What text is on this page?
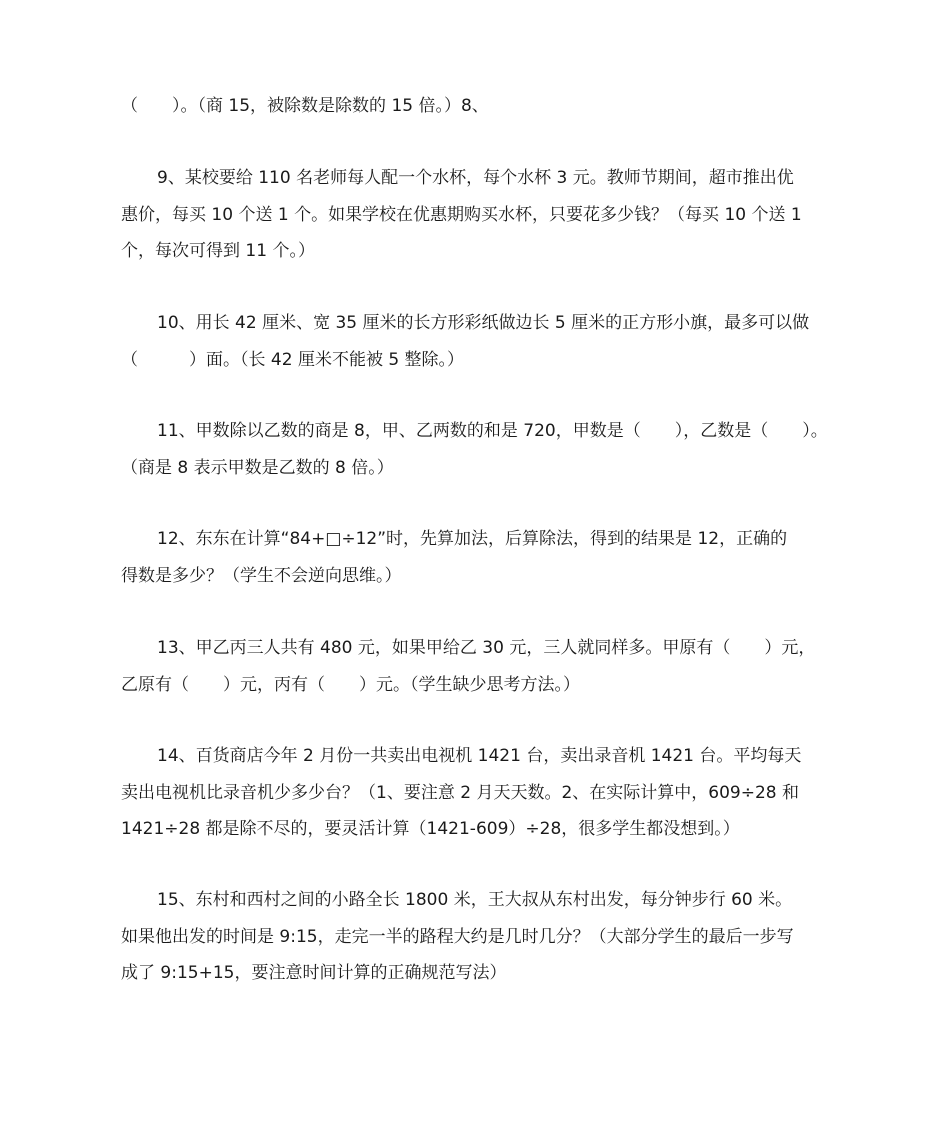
（　　）。（商 15，被除数是除数的 15 倍。）8、
9、某校要给 110 名老师每人配一个水杯，每个水杯 3 元。教师节期间，超市推出优
惠价，每买 10 个送 1 个。如果学校在优惠期购买水杯，只要花多少钱？（每买 10 个送 1
个，每次可得到 11 个。）
10、用长 42 厘米、宽 35 厘米的长方形彩纸做边长 5 厘米的正方形小旗，最多可以做
（　　　）面。（长 42 厘米不能被 5 整除。）
11、甲数除以乙数的商是 8，甲、乙两数的和是 720，甲数是（　　），乙数是（　　）。
（商是 8 表示甲数是乙数的 8 倍。）
12、东东在计算“84+□÷12”时，先算加法，后算除法，得到的结果是 12，正确的
得数是多少？（学生不会逆向思维。）
13、甲乙丙三人共有 480 元，如果甲给乙 30 元，三人就同样多。甲原有（　　）元，
乙原有（　　）元，丙有（　　）元。（学生缺少思考方法。）
14、百货商店今年 2 月份一共卖出电视机 1421 台，卖出录音机 1421 台。平均每天
卖出电视机比录音机少多少台？（1、要注意 2 月天天数。2、在实际计算中，609÷28 和
1421÷28 都是除不尽的，要灵活计算（1421-609）÷28，很多学生都没想到。）
15、东村和西村之间的小路全长 1800 米，王大叔从东村出发，每分钟步行 60 米。
如果他出发的时间是 9:15，走完一半的路程大约是几时几分？（大部分学生的最后一步写
成了 9:15+15，要注意时间计算的正确规范写法）
